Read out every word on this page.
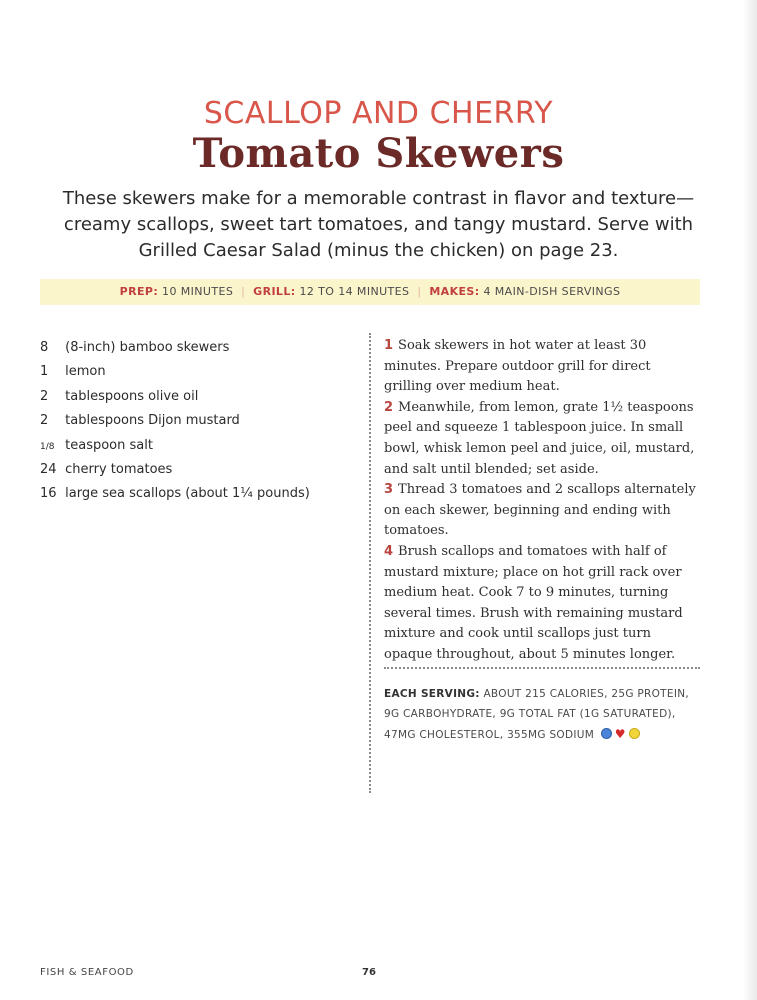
SCALLOP AND CHERRY
Tomato Skewers
These skewers make for a memorable contrast in flavor and texture—creamy scallops, sweet tart tomatoes, and tangy mustard. Serve with Grilled Caesar Salad (minus the chicken) on page 23.
PREP: 10 MINUTES | GRILL: 12 TO 14 MINUTES | MAKES: 4 MAIN-DISH SERVINGS
8 (8-inch) bamboo skewers
1 lemon
2 tablespoons olive oil
2 tablespoons Dijon mustard
1/8 teaspoon salt
24 cherry tomatoes
16 large sea scallops (about 1¼ pounds)

1 Soak skewers in hot water at least 30 minutes. Prepare outdoor grill for direct grilling over medium heat.

2 Meanwhile, from lemon, grate 1½ teaspoons peel and squeeze 1 tablespoon juice. In small bowl, whisk lemon peel and juice, oil, mustard, and salt until blended; set aside.

3 Thread 3 tomatoes and 2 scallops alternately on each skewer, beginning and ending with tomatoes.

4 Brush scallops and tomatoes with half of mustard mixture; place on hot grill rack over medium heat. Cook 7 to 9 minutes, turning several times. Brush with remaining mustard mixture and cook until scallops just turn opaque throughout, about 5 minutes longer.

EACH SERVING: ABOUT 215 CALORIES, 25G PROTEIN, 9G CARBOHYDRATE, 9G TOTAL FAT (1G SATURATED), 47MG CHOLESTEROL, 355MG SODIUM ♥
FISH & SEAFOOD	76
